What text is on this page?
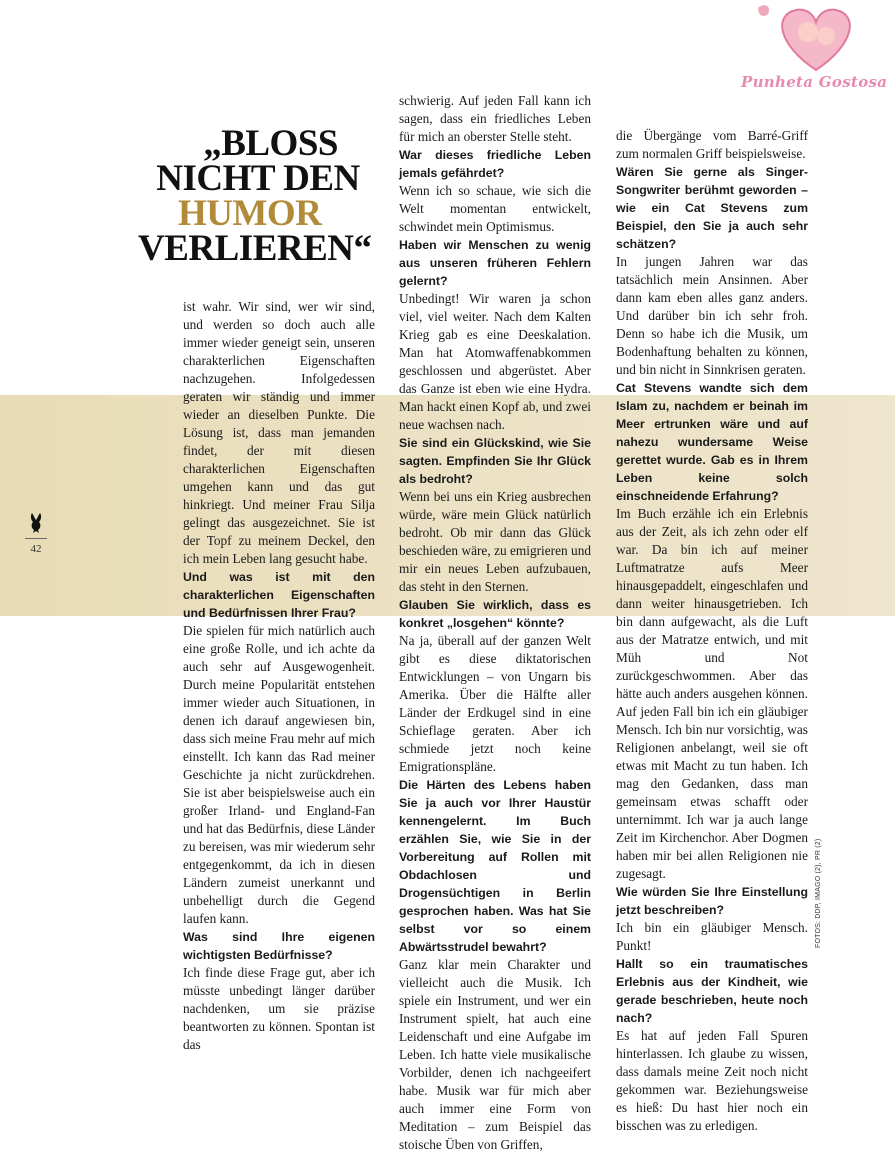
Punheta Gostosa
„BLOSS
NICHT DEN
HUMOR
VERLIEREN“
42

ist wahr. Wir sind, wer wir sind, und werden so doch auch alle immer wieder geneigt sein, unseren charakterlichen Eigenschaften nachzugehen. Infolgedessen geraten wir ständig und immer wieder an dieselben Punkte. Die Lösung ist, dass man jemanden findet, der mit diesen charakterlichen Eigenschaften umgehen kann und das gut hinkriegt. Und meiner Frau Silja gelingt das ausgezeichnet. Sie ist der Topf zu meinem Deckel, den ich mein Leben lang gesucht habe.

Und was ist mit den charakterlichen Eigenschaften und Bedürfnissen Ihrer Frau?

Die spielen für mich natürlich auch eine große Rolle, und ich achte da auch sehr auf Ausgewogenheit. Durch meine Popularität entstehen immer wieder auch Situationen, in denen ich darauf angewiesen bin, dass sich meine Frau mehr auf mich einstellt. Ich kann das Rad meiner Geschichte ja nicht zurückdrehen. Sie ist aber beispielsweise auch ein großer Irland- und England-Fan und hat das Bedürfnis, diese Länder zu bereisen, was mir wiederum sehr entgegenkommt, da ich in diesen Ländern zumeist unerkannt und unbehelligt durch die Gegend laufen kann.

Was sind Ihre eigenen wichtigsten Bedürfnisse?

Ich finde diese Frage gut, aber ich müsste unbedingt länger darüber nachdenken, um sie präzise beantworten zu können. Spontan ist das

schwierig. Auf jeden Fall kann ich sagen, dass ein friedliches Leben für mich an oberster Stelle steht.

War dieses friedliche Leben jemals gefährdet?

Wenn ich so schaue, wie sich die Welt momentan entwickelt, schwindet mein Optimismus.

Haben wir Menschen zu wenig aus unseren früheren Fehlern gelernt?

Unbedingt! Wir waren ja schon viel, viel weiter. Nach dem Kalten Krieg gab es eine Deeskalation. Man hat Atomwaffenabkommen geschlossen und abgerüstet. Aber das Ganze ist eben wie eine Hydra. Man hackt einen Kopf ab, und zwei neue wachsen nach.

Sie sind ein Glückskind, wie Sie sagten. Empfinden Sie Ihr Glück als bedroht?

Wenn bei uns ein Krieg ausbrechen würde, wäre mein Glück natürlich bedroht. Ob mir dann das Glück beschieden wäre, zu emigrieren und mir ein neues Leben aufzubauen, das steht in den Sternen.

Glauben Sie wirklich, dass es konkret „losgehen“ könnte?

Na ja, überall auf der ganzen Welt gibt es diese diktatorischen Entwicklungen – von Ungarn bis Amerika. Über die Hälfte aller Länder der Erdkugel sind in eine Schieflage geraten. Aber ich schmiede jetzt noch keine Emigrationspläne.

Die Härten des Lebens haben Sie ja auch vor Ihrer Haustür kennengelernt. Im Buch erzählen Sie, wie Sie in der Vorbereitung auf Rollen mit Obdachlosen und Drogensüchtigen in Berlin gesprochen haben. Was hat Sie selbst vor so einem Abwärtsstrudel bewahrt?

Ganz klar mein Charakter und vielleicht auch die Musik. Ich spiele ein Instrument, und wer ein Instrument spielt, hat auch eine Leidenschaft und eine Aufgabe im Leben. Ich hatte viele musikalische Vorbilder, denen ich nachgeeifert habe. Musik war für mich aber auch immer eine Form von Meditation – zum Beispiel das stoische Üben von Griffen,

die Übergänge vom Barré-Griff zum normalen Griff beispielsweise.

Wären Sie gerne als Singer-Songwriter berühmt geworden – wie ein Cat Stevens zum Beispiel, den Sie ja auch sehr schätzen?

In jungen Jahren war das tatsächlich mein Ansinnen. Aber dann kam eben alles ganz anders. Und darüber bin ich sehr froh. Denn so habe ich die Musik, um Bodenhaftung behalten zu können, und bin nicht in Sinnkrisen geraten.

Cat Stevens wandte sich dem Islam zu, nachdem er beinah im Meer ertrunken wäre und auf nahezu wundersame Weise gerettet wurde. Gab es in Ihrem Leben keine solch einschneidende Erfahrung?

Im Buch erzähle ich ein Erlebnis aus der Zeit, als ich zehn oder elf war. Da bin ich auf meiner Luftmatratze aufs Meer hinausgepaddelt, eingeschlafen und dann weiter hinausgetrieben. Ich bin dann aufgewacht, als die Luft aus der Matratze entwich, und mit Müh und Not zurückgeschwommen. Aber das hätte auch anders ausgehen können. Auf jeden Fall bin ich ein gläubiger Mensch. Ich bin nur vorsichtig, was Religionen anbelangt, weil sie oft etwas mit Macht zu tun haben. Ich mag den Gedanken, dass man gemeinsam etwas schafft oder unternimmt. Ich war ja auch lange Zeit im Kirchenchor. Aber Dogmen haben mir bei allen Religionen nie zugesagt.

Wie würden Sie Ihre Einstellung jetzt beschreiben?

Ich bin ein gläubiger Mensch. Punkt!

Hallt so ein traumatisches Erlebnis aus der Kindheit, wie gerade beschrieben, heute noch nach?

Es hat auf jeden Fall Spuren hinterlassen. Ich glaube zu wissen, dass damals meine Zeit noch nicht gekommen war. Beziehungsweise es hieß: Du hast hier noch ein bisschen was zu erledigen.

FOTOS: DDP, IMAGO (2), PR (2)
